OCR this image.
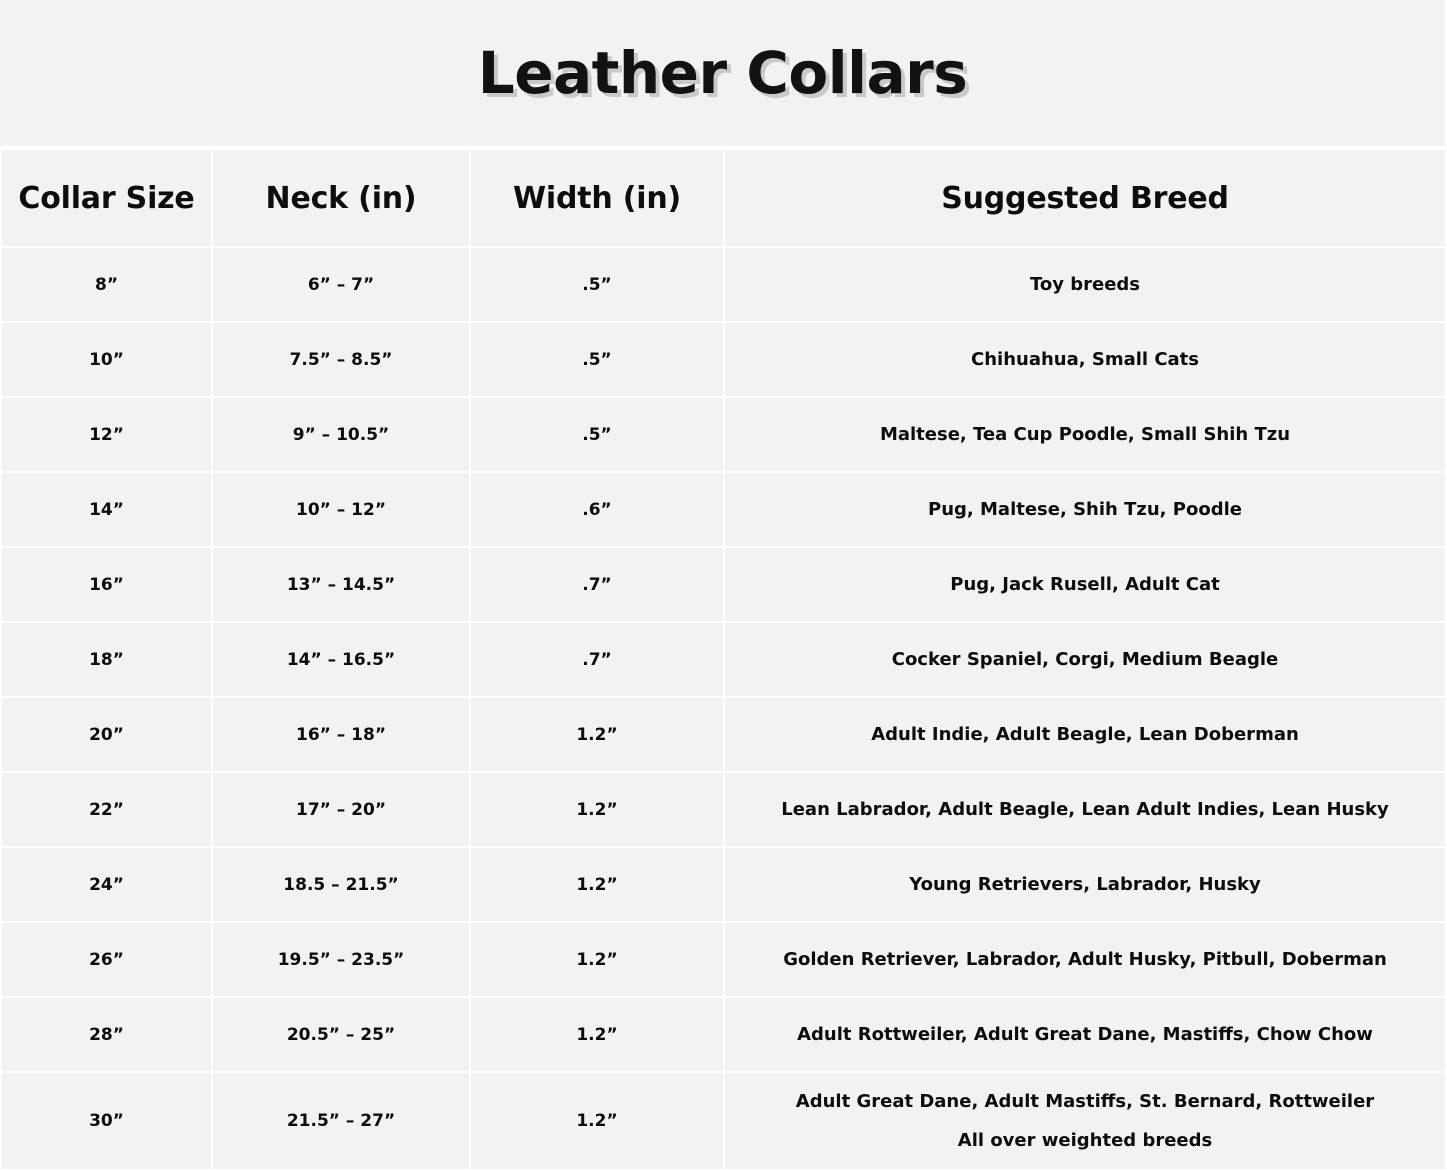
Leather Collars
Collar Size	Neck (in)	Width (in)	Suggested Breed
8”	6” – 7”	.5”	Toy breeds
10”	7.5” – 8.5”	.5”	Chihuahua, Small Cats
12”	9” – 10.5”	.5”	Maltese, Tea Cup Poodle, Small Shih Tzu
14”	10” – 12”	.6”	Pug, Maltese, Shih Tzu, Poodle
16”	13” – 14.5”	.7”	Pug, Jack Rusell, Adult Cat
18”	14” – 16.5”	.7”	Cocker Spaniel, Corgi, Medium Beagle
20”	16” – 18”	1.2”	Adult Indie, Adult Beagle, Lean Doberman
22”	17” – 20”	1.2”	Lean Labrador, Adult Beagle, Lean Adult Indies, Lean Husky
24”	18.5 – 21.5”	1.2”	Young Retrievers, Labrador, Husky
26”	19.5” – 23.5”	1.2”	Golden Retriever, Labrador, Adult Husky, Pitbull, Doberman
28”	20.5” – 25”	1.2”	Adult Rottweiler, Adult Great Dane, Mastiffs, Chow Chow
30”	21.5” – 27”	1.2”	Adult Great Dane, Adult Mastiffs, St. Bernard, Rottweiler
All over weighted breeds
